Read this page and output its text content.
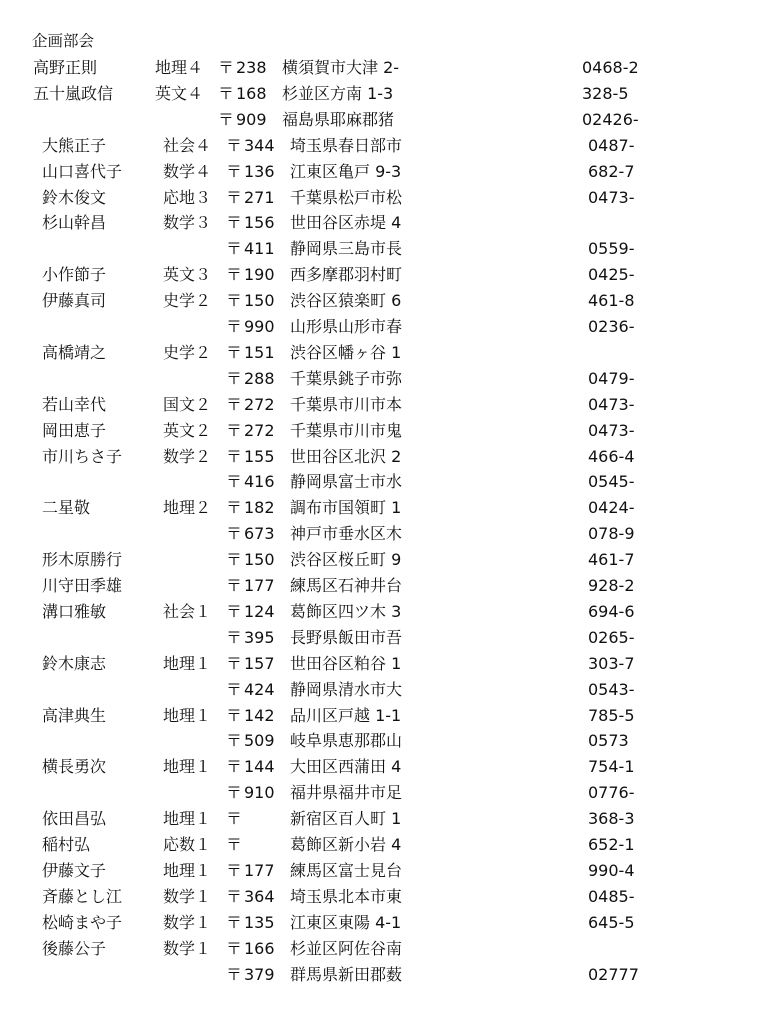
企画部会
高野正則	地理４ 〒 238 横須賀市大津 2-	0468-2
五十嵐政信	英文４ 〒 168 杉並区方南 1-3	328-5
〒 909 福島県耶麻郡猪	02426-
大熊正子	社会４ 〒 344 埼玉県春日部市	0487-
山口喜代子	数学４ 〒 136 江東区亀戸 9-3	682-7
鈴木俊文	応地３ 〒 271 千葉県松戸市松	0473-
杉山幹昌	数学３ 〒 156 世田谷区赤堤 4
〒 411 静岡県三島市長	0559-
小作節子	英文３ 〒 190 西多摩郡羽村町	0425-
伊藤真司	史学２ 〒 150 渋谷区猿楽町 6	461-8
〒 990 山形県山形市春	0236-
高橋靖之	史学２ 〒 151 渋谷区幡ヶ谷 1
〒 288 千葉県銚子市弥	0479-
若山幸代	国文２ 〒 272 千葉県市川市本	0473-
岡田恵子	英文２ 〒 272 千葉県市川市鬼	0473-
市川ちさ子	数学２ 〒 155 世田谷区北沢 2	466-4
〒 416 静岡県富士市水	0545-
二星敬	地理２ 〒 182 調布市国領町 1	0424-
〒 673 神戸市垂水区木	078-9
形木原勝行	〒 150 渋谷区桜丘町 9	461-7
川守田季雄	〒 177 練馬区石神井台	928-2
溝口雅敏	社会１ 〒 124 葛飾区四ツ木 3	694-6
〒 395 長野県飯田市吾	0265-
鈴木康志	地理１ 〒 157 世田谷区粕谷 1	303-7
〒 424 静岡県清水市大	0543-
高津典生	地理１ 〒 142 品川区戸越 1-1	785-5
〒 509 岐阜県恵那郡山	0573
横長勇次	地理１ 〒 144 大田区西蒲田 4	754-1
〒 910 福井県福井市足	0776-
依田昌弘	地理１ 〒	新宿区百人町 1	368-3
稲村弘	応数１ 〒	葛飾区新小岩 4	652-1
伊藤文子	地理１ 〒 177 練馬区富士見台	990-4
斉藤とし江	数学１ 〒 364 埼玉県北本市東	0485-
松崎まや子	数学１ 〒 135 江東区東陽 4-1	645-5
後藤公子	数学１ 〒 166 杉並区阿佐谷南
〒 379 群馬県新田郡薮	02777
